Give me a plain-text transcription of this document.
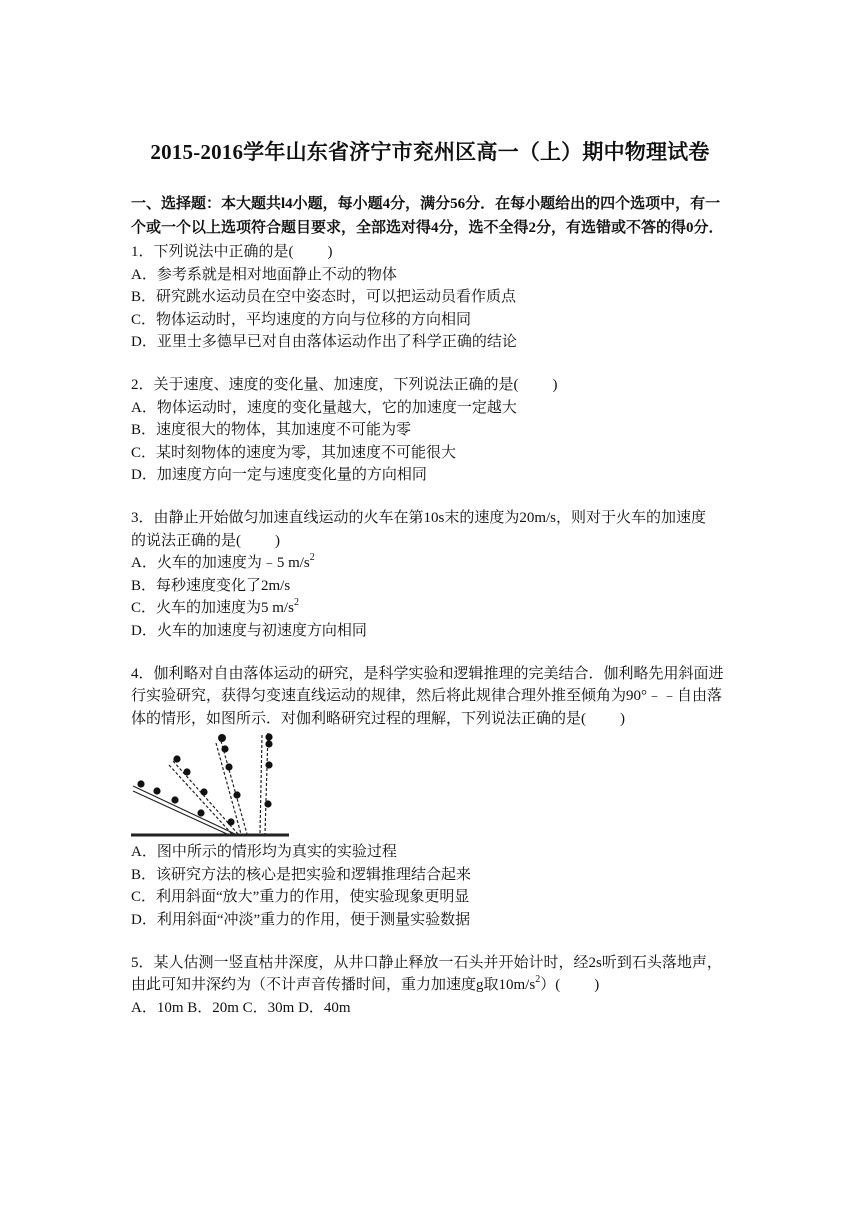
2015-2016学年山东省济宁市兖州区高一（上）期中物理试卷
一、选择题：本大题共l4小题，每小题4分，满分56分．在每小题给出的四个选项中，有一个或一个以上选项符合题目要求，全部选对得4分，选不全得2分，有选错或不答的得0分．
1．下列说法中正确的是( )
A．参考系就是相对地面静止不动的物体
B．研究跳水运动员在空中姿态时，可以把运动员看作质点
C．物体运动时，平均速度的方向与位移的方向相同
D．亚里士多德早已对自由落体运动作出了科学正确的结论
2．关于速度、速度的变化量、加速度，下列说法正确的是( )
A．物体运动时，速度的变化量越大，它的加速度一定越大
B．速度很大的物体，其加速度不可能为零
C．某时刻物体的速度为零，其加速度不可能很大
D．加速度方向一定与速度变化量的方向相同
3．由静止开始做匀加速直线运动的火车在第10s末的速度为20m/s，则对于火车的加速度
的说法正确的是( )
A．火车的加速度为﹣5 $m/s^2$
B．每秒速度变化了2m/s
C．火车的加速度为5 $m/s^2$
D．火车的加速度与初速度方向相同
4．伽利略对自由落体运动的研究，是科学实验和逻辑推理的完美结合．伽利略先用斜面进
行实验研究，获得匀变速直线运动的规律，然后将此规律合理外推至倾角为90°﹣﹣自由落
体的情形，如图所示．对伽利略研究过程的理解，下列说法正确的是( )
A．图中所示的情形均为真实的实验过程
B．该研究方法的核心是把实验和逻辑推理结合起来
C．利用斜面“放大”重力的作用，使实验现象更明显
D．利用斜面“冲淡”重力的作用，便于测量实验数据
5．某人估测一竖直枯井深度，从井口静止释放一石头并开始计时，经2s听到石头落地声，
由此可知井深约为（不计声音传播时间，重力加速度g取$10m/s^2$）( )
A．10m B．20m C．30m D．40m
